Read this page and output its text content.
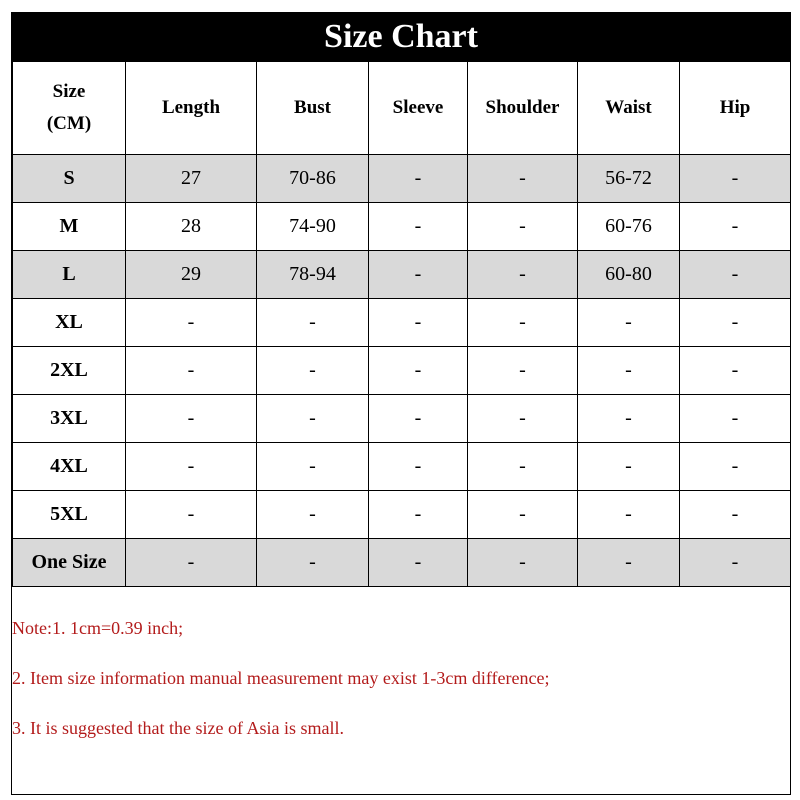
Size Chart
Size
(CM)	Length	Bust	Sleeve	Shoulder	Waist	Hip
S	27	70-86	-	-	56-72	-
M	28	74-90	-	-	60-76	-
L	29	78-94	-	-	60-80	-
XL	-	-	-	-	-	-
2XL	-	-	-	-	-	-
3XL	-	-	-	-	-	-
4XL	-	-	-	-	-	-
5XL	-	-	-	-	-	-
One Size	-	-	-	-	-	-
Note:1. 1cm=0.39 inch;
2. Item size information manual measurement may exist 1-3cm difference;
3. It is suggested that the size of Asia is small.
